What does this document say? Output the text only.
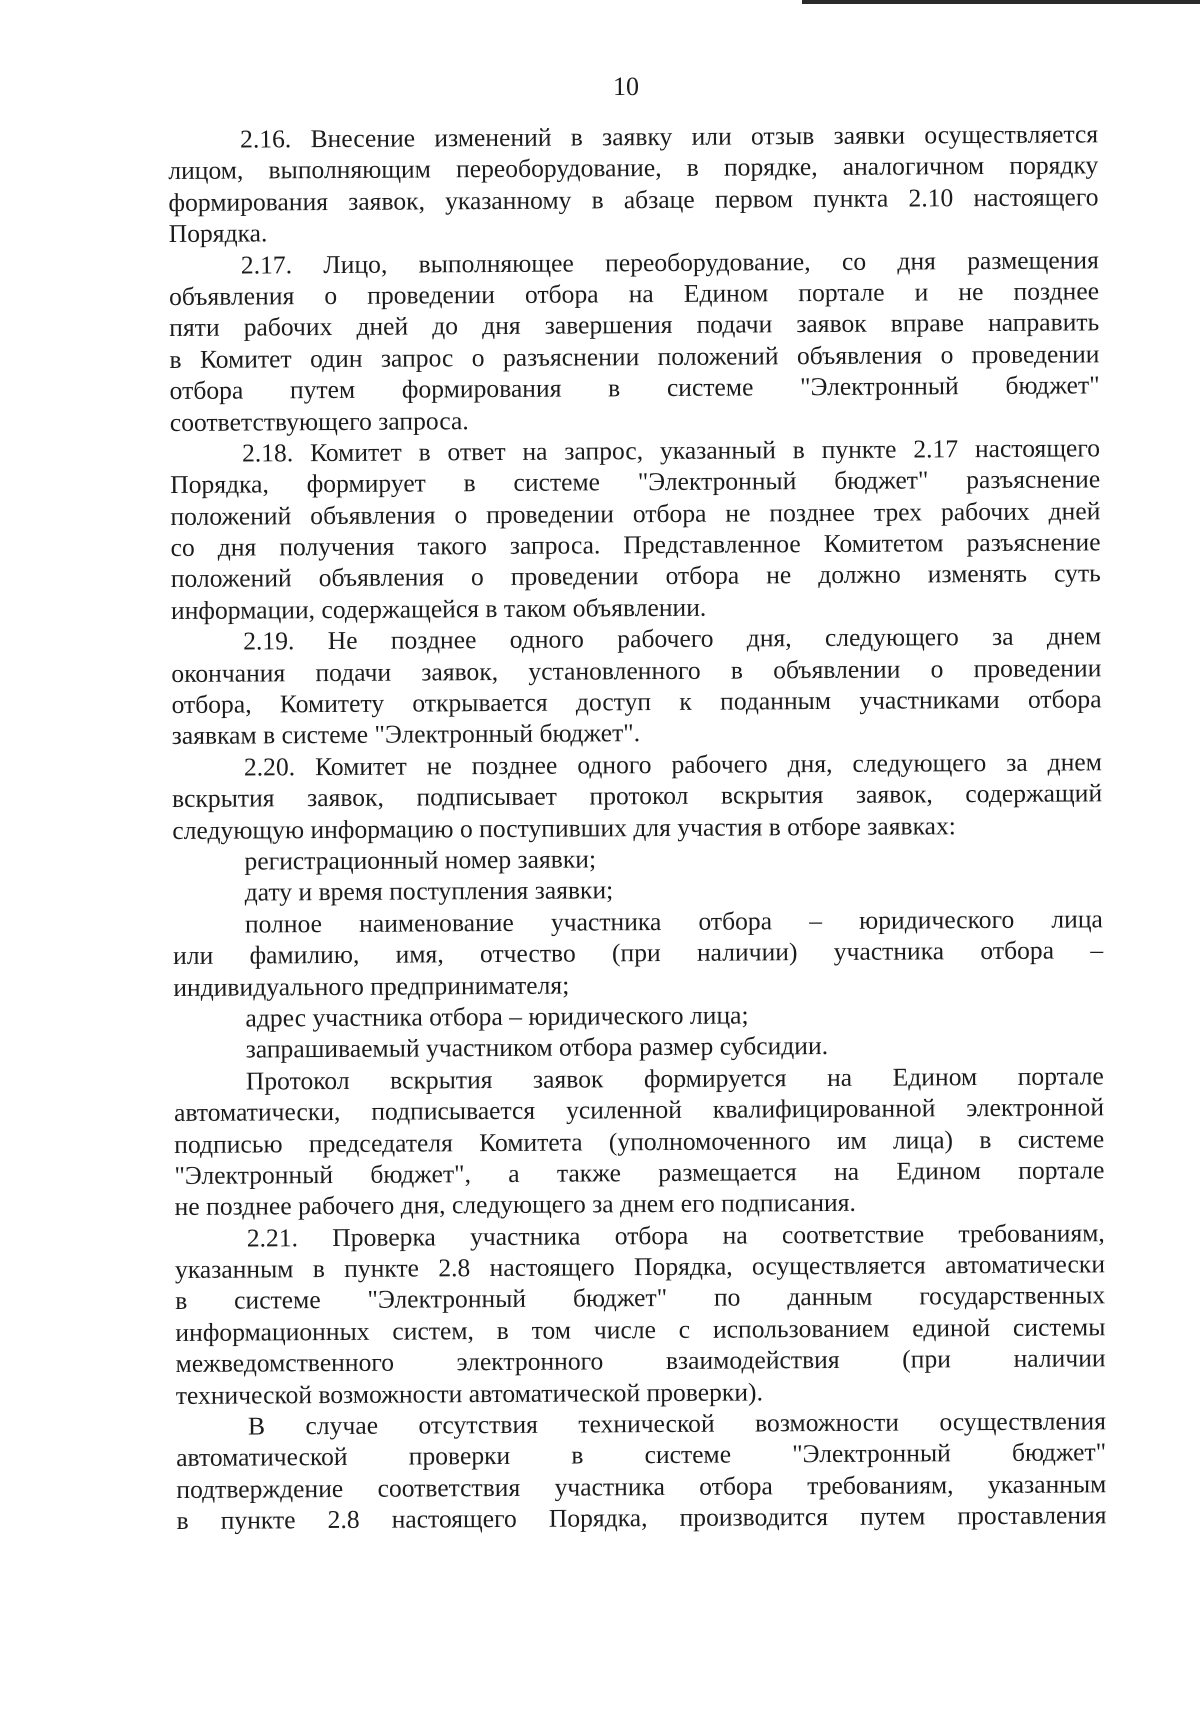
10
2.16. Внесение изменений в заявку или отзыв заявки осуществляется
лицом, выполняющим переоборудование, в порядке, аналогичном порядку
формирования заявок, указанному в абзаце первом пункта 2.10 настоящего
Порядка.
2.17. Лицо, выполняющее переоборудование, со дня размещения
объявления о проведении отбора на Едином портале и не позднее
пяти рабочих дней до дня завершения подачи заявок вправе направить
в Комитет один запрос о разъяснении положений объявления о проведении
отбора путем формирования в системе "Электронный бюджет"
соответствующего запроса.
2.18. Комитет в ответ на запрос, указанный в пункте 2.17 настоящего
Порядка, формирует в системе "Электронный бюджет" разъяснение
положений объявления о проведении отбора не позднее трех рабочих дней
со дня получения такого запроса. Представленное Комитетом разъяснение
положений объявления о проведении отбора не должно изменять суть
информации, содержащейся в таком объявлении.
2.19. Не позднее одного рабочего дня, следующего за днем
окончания подачи заявок, установленного в объявлении о проведении
отбора, Комитету открывается доступ к поданным участниками отбора
заявкам в системе "Электронный бюджет".
2.20. Комитет не позднее одного рабочего дня, следующего за днем
вскрытия заявок, подписывает протокол вскрытия заявок, содержащий
следующую информацию о поступивших для участия в отборе заявках:
регистрационный номер заявки;
дату и время поступления заявки;
полное наименование участника отбора – юридического лица
или фамилию, имя, отчество (при наличии) участника отбора –
индивидуального предпринимателя;
адрес участника отбора – юридического лица;
запрашиваемый участником отбора размер субсидии.
Протокол вскрытия заявок формируется на Едином портале
автоматически, подписывается усиленной квалифицированной электронной
подписью председателя Комитета (уполномоченного им лица) в системе
"Электронный бюджет", а также размещается на Едином портале
не позднее рабочего дня, следующего за днем его подписания.
2.21. Проверка участника отбора на соответствие требованиям,
указанным в пункте 2.8 настоящего Порядка, осуществляется автоматически
в системе "Электронный бюджет" по данным государственных
информационных систем, в том числе с использованием единой системы
межведомственного электронного взаимодействия (при наличии
технической возможности автоматической проверки).
В случае отсутствия технической возможности осуществления
автоматической проверки в системе "Электронный бюджет"
подтверждение соответствия участника отбора требованиям, указанным
в пункте 2.8 настоящего Порядка, производится путем проставления
